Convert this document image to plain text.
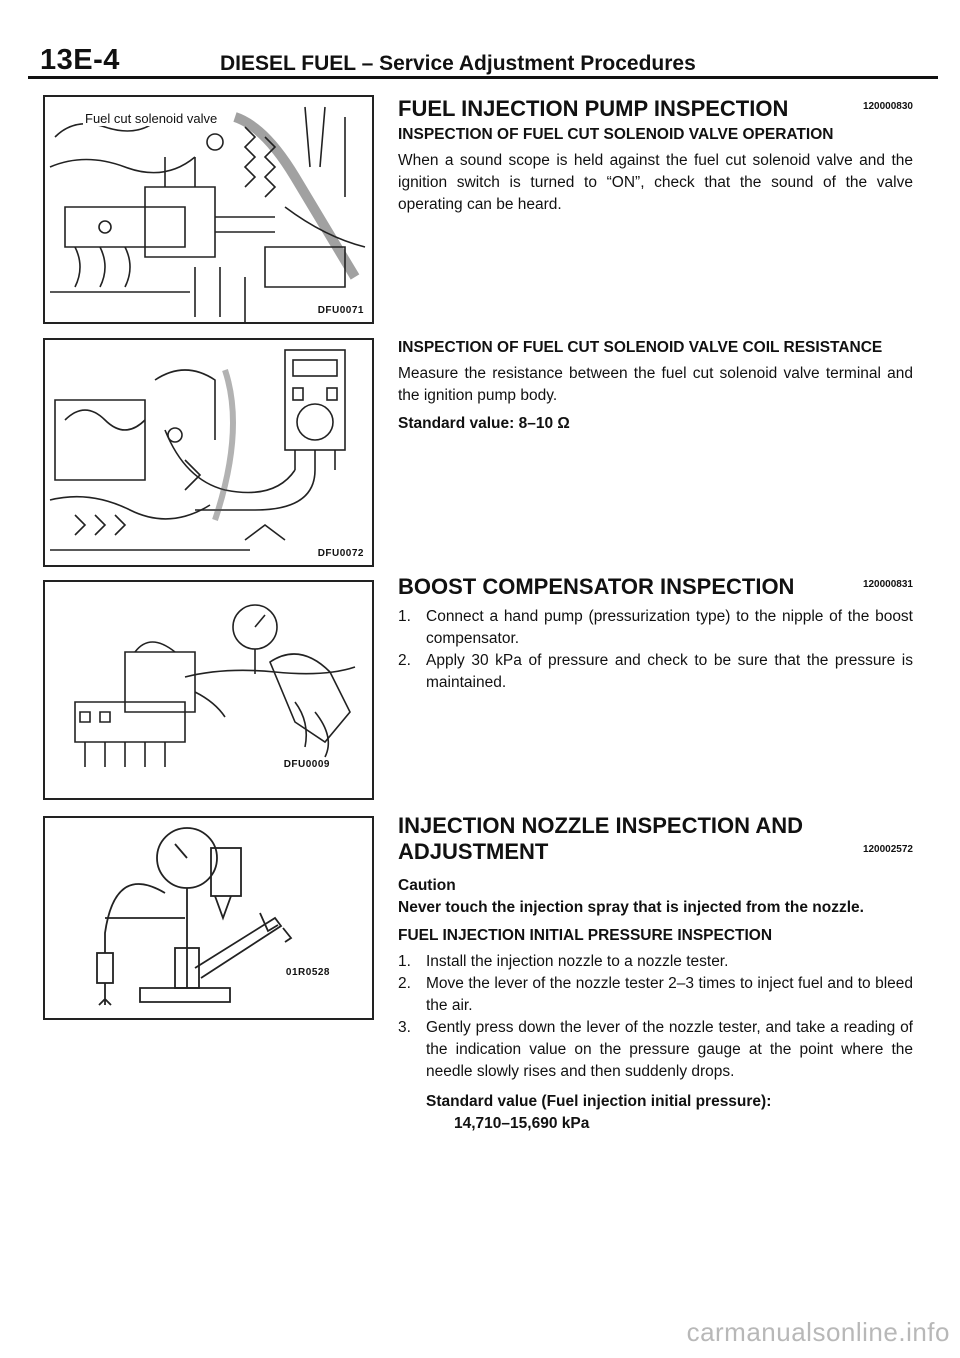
13E-4	DIESEL FUEL – Service Adjustment Procedures
Fuel cut solenoid valve
DFU0071
DFU0072
DFU0009
01R0528
FUEL INJECTION PUMP INSPECTION	120000830
INSPECTION OF FUEL CUT SOLENOID VALVE OPERATION
When a sound scope is held against the fuel cut solenoid valve and the ignition switch is turned to “ON”, check that the sound of the valve operating can be heard.
INSPECTION OF FUEL CUT SOLENOID VALVE COIL RESISTANCE
Measure the resistance between the fuel cut solenoid valve terminal and the ignition pump body.
Standard value: 8–10 Ω
BOOST COMPENSATOR INSPECTION	120000831
1. Connect a hand pump (pressurization type) to the nipple of the boost compensator.
2. Apply 30 kPa of pressure and check to be sure that the pressure is maintained.
INJECTION NOZZLE INSPECTION AND
ADJUSTMENT	120002572
Caution
Never touch the injection spray that is injected from the nozzle.
FUEL INJECTION INITIAL PRESSURE INSPECTION
1. Install the injection nozzle to a nozzle tester.
2. Move the lever of the nozzle tester 2–3 times to inject fuel and to bleed the air.
3. Gently press down the lever of the nozzle tester, and take a reading of the indication value on the pressure gauge at the point where the needle slowly rises and then suddenly drops.
Standard value (Fuel injection initial pressure):
14,710–15,690 kPa
carmanualsonline.info
